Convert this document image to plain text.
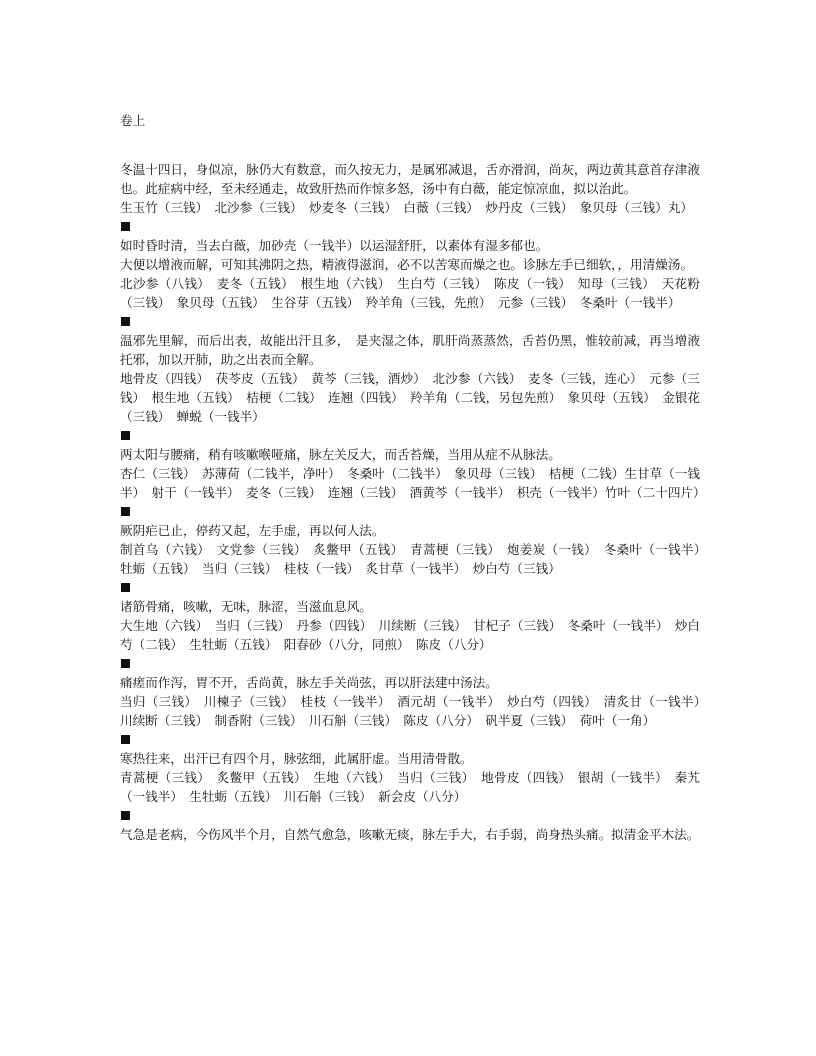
卷上

冬温十四日，身似凉，脉仍大有数意，而久按无力，是属邪减退，舌亦滑润，尚灰，两边黄其意首存津液也。此症病中经，至未经通走，故致肝热而作惊多怒，汤中有白薇，能定惊凉血，拟以治此。

生玉竹（三钱）　北沙参（三钱）　炒麦冬（三钱）　白薇（三钱）　炒丹皮（三钱）　象贝母（三钱）丸）

如时昏时清，当去白薇，加砂壳（一钱半）以运湿舒肝，以素体有湿多郁也。

大便以增液而解，可知其沸阴之热，精液得滋润，必不以苦寒而燥之也。诊脉左手已细软，，用清燥汤。

北沙参（八钱）　麦冬（五钱）　根生地（六钱）　生白芍（三钱）　陈皮（一钱）　知母（三钱）　天花粉（三钱）　象贝母（五钱）　生谷芽（五钱）　羚羊角（三钱，先煎）　元参（三钱）　冬桑叶（一钱半）

温邪先里解，而后出表，故能出汗且多，　是夹湿之体，肌肝尚蒸蒸然，舌苔仍黑，惟较前减，再当增液托邪，加以开肺，助之出表而全解。

地骨皮（四钱）　茯苓皮（五钱）　黄芩（三钱，酒炒）　北沙参（六钱）　麦冬（三钱，连心）　元参（三钱）　根生地（五钱）　桔梗（二钱）　连翘（四钱）　羚羊角（二钱，另包先煎）　象贝母（五钱）　金银花（三钱）　蝉蜕（一钱半）

两太阳与腰痛，稍有咳嗽喉哑痛，脉左关反大，而舌苔燥，当用从症不从脉法。

杏仁（三钱）　苏薄荷（二钱半，净叶）　冬桑叶（二钱半）　象贝母（三钱）　桔梗（二钱）生甘草（一钱半）　射干（一钱半）　麦冬（三钱）　连翘（三钱）　酒黄芩（一钱半）　枳壳（一钱半）竹叶（二十四片）

厥阴疟已止，停药又起，左手虚，再以何人法。

制首乌（六钱）　文党参（三钱）　炙鳖甲（五钱）　青蒿梗（三钱）　炮姜炭（一钱）　冬桑叶（一钱半）　牡蛎（五钱）　当归（三钱）　桂枝（一钱）　炙甘草（一钱半）　炒白芍（三钱）

诸筋骨痛，咳嗽，无味，脉涩，当滋血息风。

大生地（六钱）　当归（三钱）　丹参（四钱）　川续断（三钱）　甘杞子（三钱）　冬桑叶（一钱半）　炒白芍（二钱）　生牡蛎（五钱）　阳春砂（八分，同煎）　陈皮（八分）

痛瘥而作泻，胃不开，舌尚黄，脉左手关尚弦，再以肝法建中汤法。

当归（三钱）　川楝子（三钱）　桂枝（一钱半）　酒元胡（一钱半）　炒白芍（四钱）　清炙甘（一钱半）　川续断（三钱）　制香附（三钱）　川石斛（三钱）　陈皮（八分）　矾半夏（三钱）　荷叶（一角）

寒热往来，出汗已有四个月，脉弦细，此属肝虚。当用清骨散。

青蒿梗（三钱）　炙鳖甲（五钱）　生地（六钱）　当归（三钱）　地骨皮（四钱）　银胡（一钱半）　秦艽（一钱半）　生牡蛎（五钱）　川石斛（三钱）　新会皮（八分）

气急是老病，今伤风半个月，自然气愈急，咳嗽无痰，脉左手大，右手弱，尚身热头痛。拟清金平木法。
